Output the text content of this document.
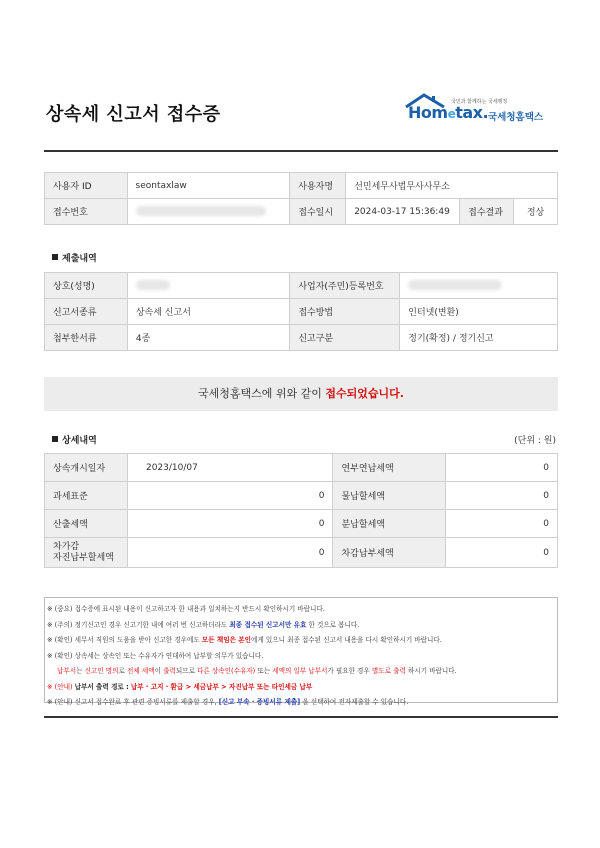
상속세 신고서 접수증
국민과 함께하는 국세행정
Hometax. 국세청홈택스
사용자 ID	seontaxlaw	사용자명	선민세무사법무사사무소		
접수번호		접수일시	2024-03-17 15:36:49	접수결과	정상
제출내역
상호(성명)		사업자(주민)등록번호	
신고서종류	상속세 신고서	접수방법	인터넷(변환)
첨부한서류	4종	신고구분	정기(확정) / 정기신고
국세청홈택스에 위와 같이 접수되었습니다.
상세내역	(단위 : 원)
상속개시일자	2023/10/07	연부연납세액	0
과세표준	0	물납할세액	0
산출세액	0	분납할세액	0
차가감
자진납부할세액	0	차감납부세액	0
※ (중요) 접수증에 표시된 내용이 신고하고자 한 내용과 일치하는지 반드시 확인하시기 바랍니다.
※ (주의) 정기신고인 경우 신고기한 내에 여러 번 신고하더라도 최종 접수된 신고서만 유효 한 것으로 봅니다.
※ (확인) 세무서 직원의 도움을 받아 신고한 경우에도 모든 책임은 본인에게 있으니 최종 접수된 신고서 내용을 다시 확인하시기 바랍니다.
※ (확인) 상속세는 상속인 또는 수유자가 연대하여 납부할 의무가 있습니다.
납부서는 신고인 명의로 전체 세액이 출력되므로 다른 상속인(수유자) 또는 세액의 일부 납부서가 필요한 경우 별도로 출력 하시기 바랍니다.
※ (안내) 납부서 출력 경로 : 납부 · 고지 · 환급 > 세금납부 > 자진납부 또는 타인세금 납부
※ (안내) 신고서 접수완료 후 관련 증빙서류를 제출할 경우, [신고 부속 · 증빙서류 제출] 을 선택하여 전자제출할 수 있습니다.
